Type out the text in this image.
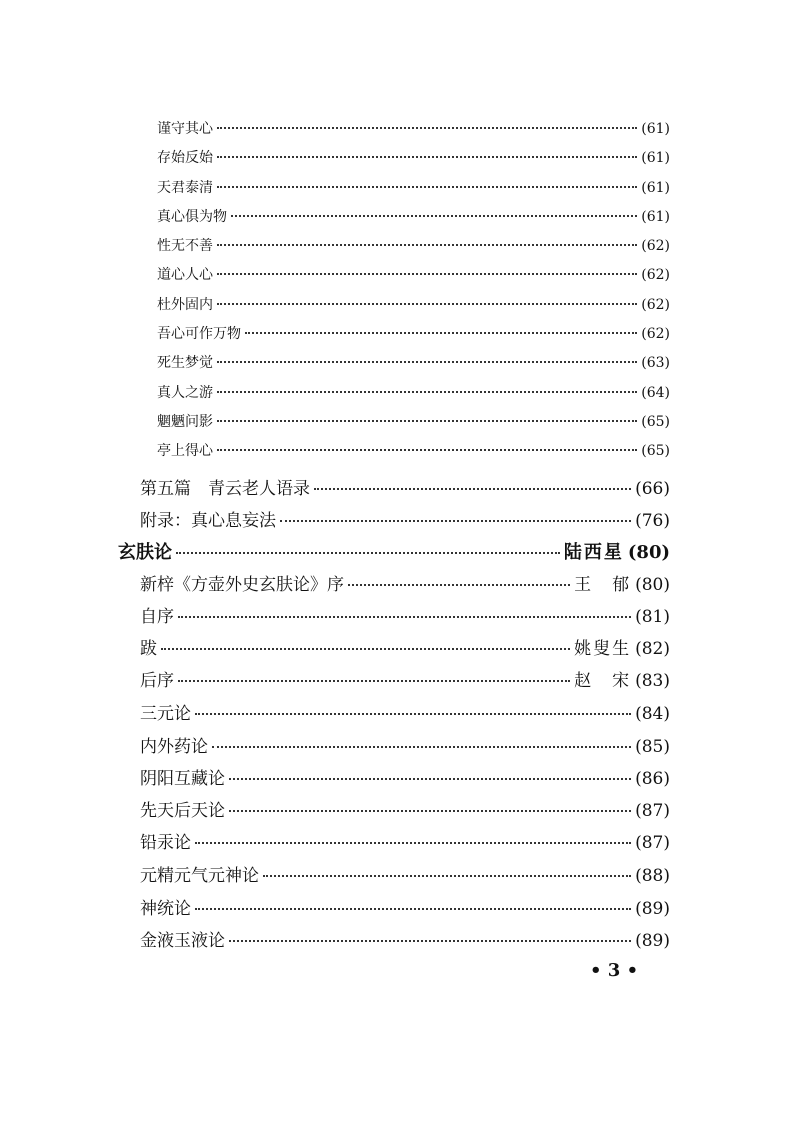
谨守其心	(61)
存始反始	(61)
天君泰清	(61)
真心俱为物	(61)
性无不善	(62)
道心人心	(62)
杜外固内	(62)
吾心可作万物	(62)
死生梦觉	(63)
真人之游	(64)
魍魉问影	(65)
亭上得心	(65)
第五篇　青云老人语录	(66)
附录：真心息妄法	(76)
玄肤论	陆西星 (80)
新梓《方壶外史玄肤论》序	王　郁 (80)
自序	(81)
跋	姚叟生 (82)
后序	赵　宋 (83)
三元论	(84)
内外药论	(85)
阴阳互藏论	(86)
先天后天论	(87)
铅汞论	(87)
元精元气元神论	(88)
神统论	(89)
金液玉液论	(89)
• 3 •
